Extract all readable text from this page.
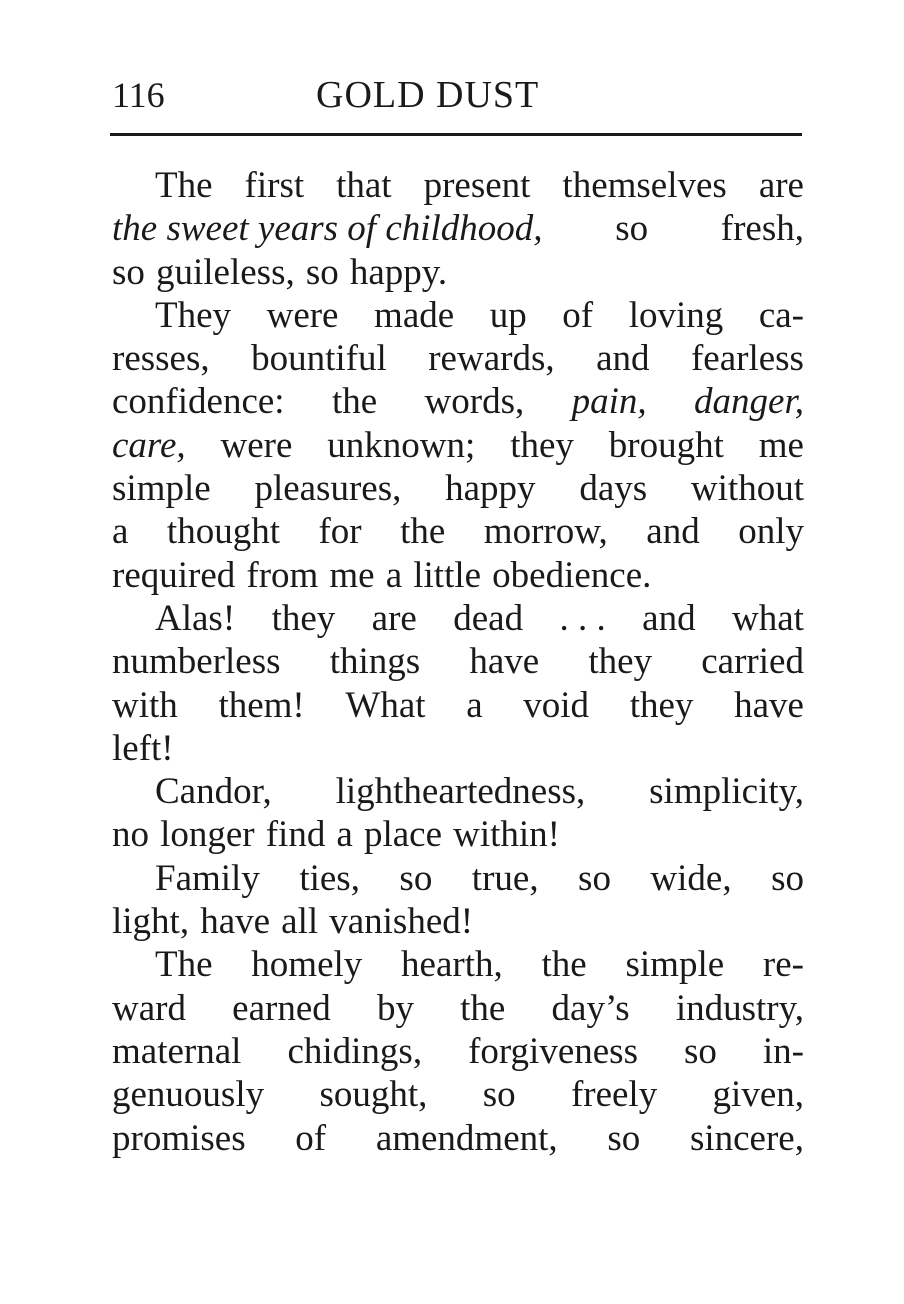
116	GOLD DUST
The first that present themselves are
the sweet years of childhood, so fresh,
so guileless, so happy.
They were made up of loving ca-
resses, bountiful rewards, and fearless
confidence: the words, pain, danger,
care, were unknown; they brought me
simple pleasures, happy days without
a thought for the morrow, and only
required from me a little obedience.
Alas! they are dead . . . and what
numberless things have they carried
with them! What a void they have
left!
Candor, lightheartedness, simplicity,
no longer find a place within!
Family ties, so true, so wide, so
light, have all vanished!
The homely hearth, the simple re-
ward earned by the day’s industry,
maternal chidings, forgiveness so in-
genuously sought, so freely given,
promises of amendment, so sincere,
